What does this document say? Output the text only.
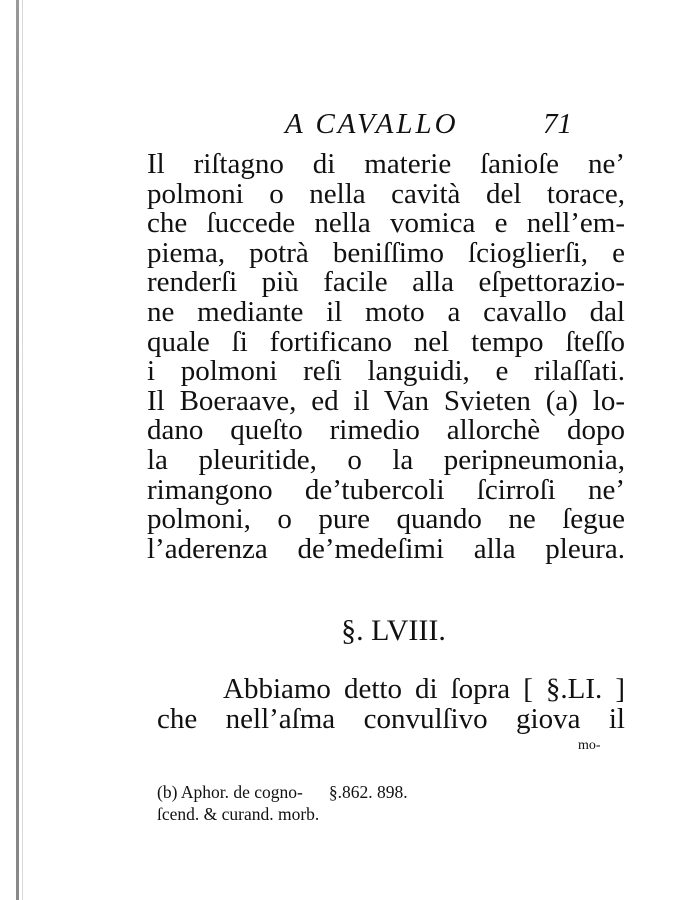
A CAVALLO	71
Il riſtagno di materie ſanioſe ne’
polmoni o nella cavità del torace,
che ſuccede nella vomica e nell’em-
piema, potrà beniſſimo ſcioglierſi, e
renderſi più facile alla eſpettorazio-
ne mediante il moto a cavallo dal
quale ſi fortificano nel tempo ſteſſo
i polmoni reſi languidi, e rilaſſati.
Il Boeraave, ed il Van Svieten (a) lo-
dano queſto rimedio allorchè dopo
la pleuritide, o la peripneumonia,
rimangono de’tubercoli ſcirroſi ne’
polmoni, o pure quando ne ſegue
l’aderenza de’medeſimi alla pleura.
§. LVIII.
Abbiamo detto di ſopra [ §.LI. ]
che nell’aſma convulſivo giova il
mo-
(b) Aphor. de cogno- §.862. 898.
ſcend. & curand. morb.
